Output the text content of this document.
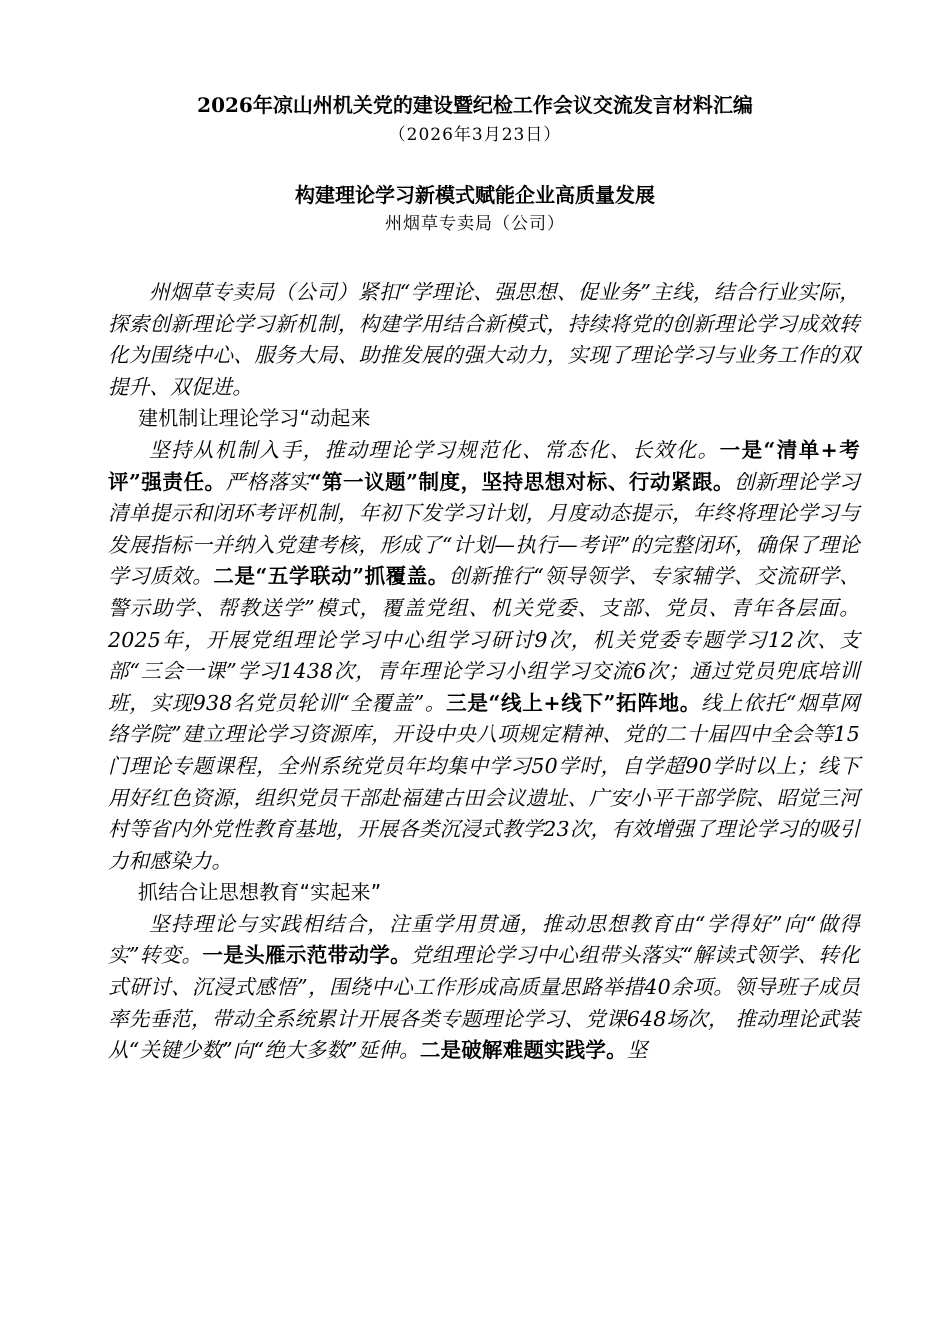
2026年凉山州机关党的建设暨纪检工作会议交流发言材料汇编
（2026年3月23日）
构建理论学习新模式赋能企业高质量发展
州烟草专卖局（公司）

州烟草专卖局（公司）紧扣“学理论、强思想、促业务”主线，结合行业实际，探索创新理论学习新机制，构建学用结合新模式，持续将党的创新理论学习成效转化为围绕中心、服务大局、助推发展的强大动力，实现了理论学习与业务工作的双提升、双促进。

建机制让理论学习“动起来

坚持从机制入手，推动理论学习规范化、常态化、长效化。一是“清单+考评”强责任。严格落实“第一议题”制度，坚持思想对标、行动紧跟。创新理论学习清单提示和闭环考评机制，年初下发学习计划，月度动态提示，年终将理论学习与发展指标一并纳入党建考核，形成了“计划—执行—考评”的完整闭环，确保了理论学习质效。二是“五学联动”抓覆盖。创新推行“领导领学、专家辅学、交流研学、警示助学、帮教送学”模式，覆盖党组、机关党委、支部、党员、青年各层面。2025年，开展党组理论学习中心组学习研讨9次，机关党委专题学习12次、支部“三会一课”学习1438次，青年理论学习小组学习交流6次；通过党员兜底培训班，实现938名党员轮训“全覆盖”。三是“线上+线下”拓阵地。线上依托“烟草网络学院”建立理论学习资源库，开设中央八项规定精神、党的二十届四中全会等15门理论专题课程，全州系统党员年均集中学习50学时，自学超90学时以上；线下用好红色资源，组织党员干部赴福建古田会议遗址、广安小平干部学院、昭觉三河村等省内外党性教育基地，开展各类沉浸式教学23次，有效增强了理论学习的吸引力和感染力。

抓结合让思想教育“实起来”

坚持理论与实践相结合，注重学用贯通，推动思想教育由“学得好”向“做得实”转变。一是头雁示范带动学。党组理论学习中心组带头落实“解读式领学、转化式研讨、沉浸式感悟”，围绕中心工作形成高质量思路举措40余项。领导班子成员率先垂范，带动全系统累计开展各类专题理论学习、党课648场次， 推动理论武装从“关键少数”向“绝大多数”延伸。二是破解难题实践学。坚
